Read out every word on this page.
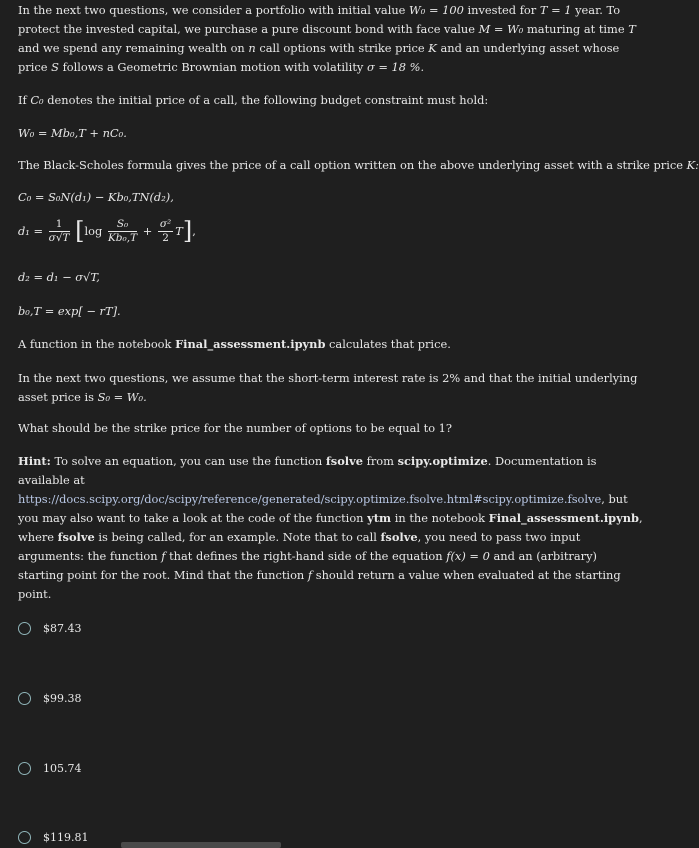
In the next two questions, we consider a portfolio with initial value W₀ = 100 invested for T = 1 year. To protect the invested capital, we purchase a pure discount bond with face value M = W₀ maturing at time T and we spend any remaining wealth on n call options with strike price K and an underlying asset whose price S follows a Geometric Brownian motion with volatility σ = 18 %.

If C₀ denotes the initial price of a call, the following budget constraint must hold:

W₀ = Mb₀,T + nC₀.

The Black-Scholes formula gives the price of a call option written on the above underlying asset with a strike price K:

C₀ = S₀N(d₁) − Kb₀,TN(d₂),

$d_1 = \frac{1}{\sigma√T} [\log \frac{\text{S₀}}{\text{Kb₀,T}} + \frac{\text{σ²}}{2} T]$,

d₂ = d₁ − σ√T,

b₀,T = exp[ − rT].

A function in the notebook Final_assessment.ipynb calculates that price.

In the next two questions, we assume that the short-term interest rate is 2% and that the initial underlying asset price is S₀ = W₀.

What should be the strike price for the number of options to be equal to 1?

Hint: To solve an equation, you can use the function fsolve from scipy.optimize. Documentation is available at https://docs.scipy.org/doc/scipy/reference/generated/scipy.optimize.fsolve.html#scipy.optimize.fsolve, but you may also want to take a look at the code of the function ytm in the notebook Final_assessment.ipynb, where fsolve is being called, for an example. Note that to call fsolve, you need to pass two input arguments: the function f that defines the right-hand side of the equation f(x) = 0 and an (arbitrary) starting point for the root. Mind that the function f should return a value when evaluated at the starting point.

$87.43
$99.38
105.74
$119.81
